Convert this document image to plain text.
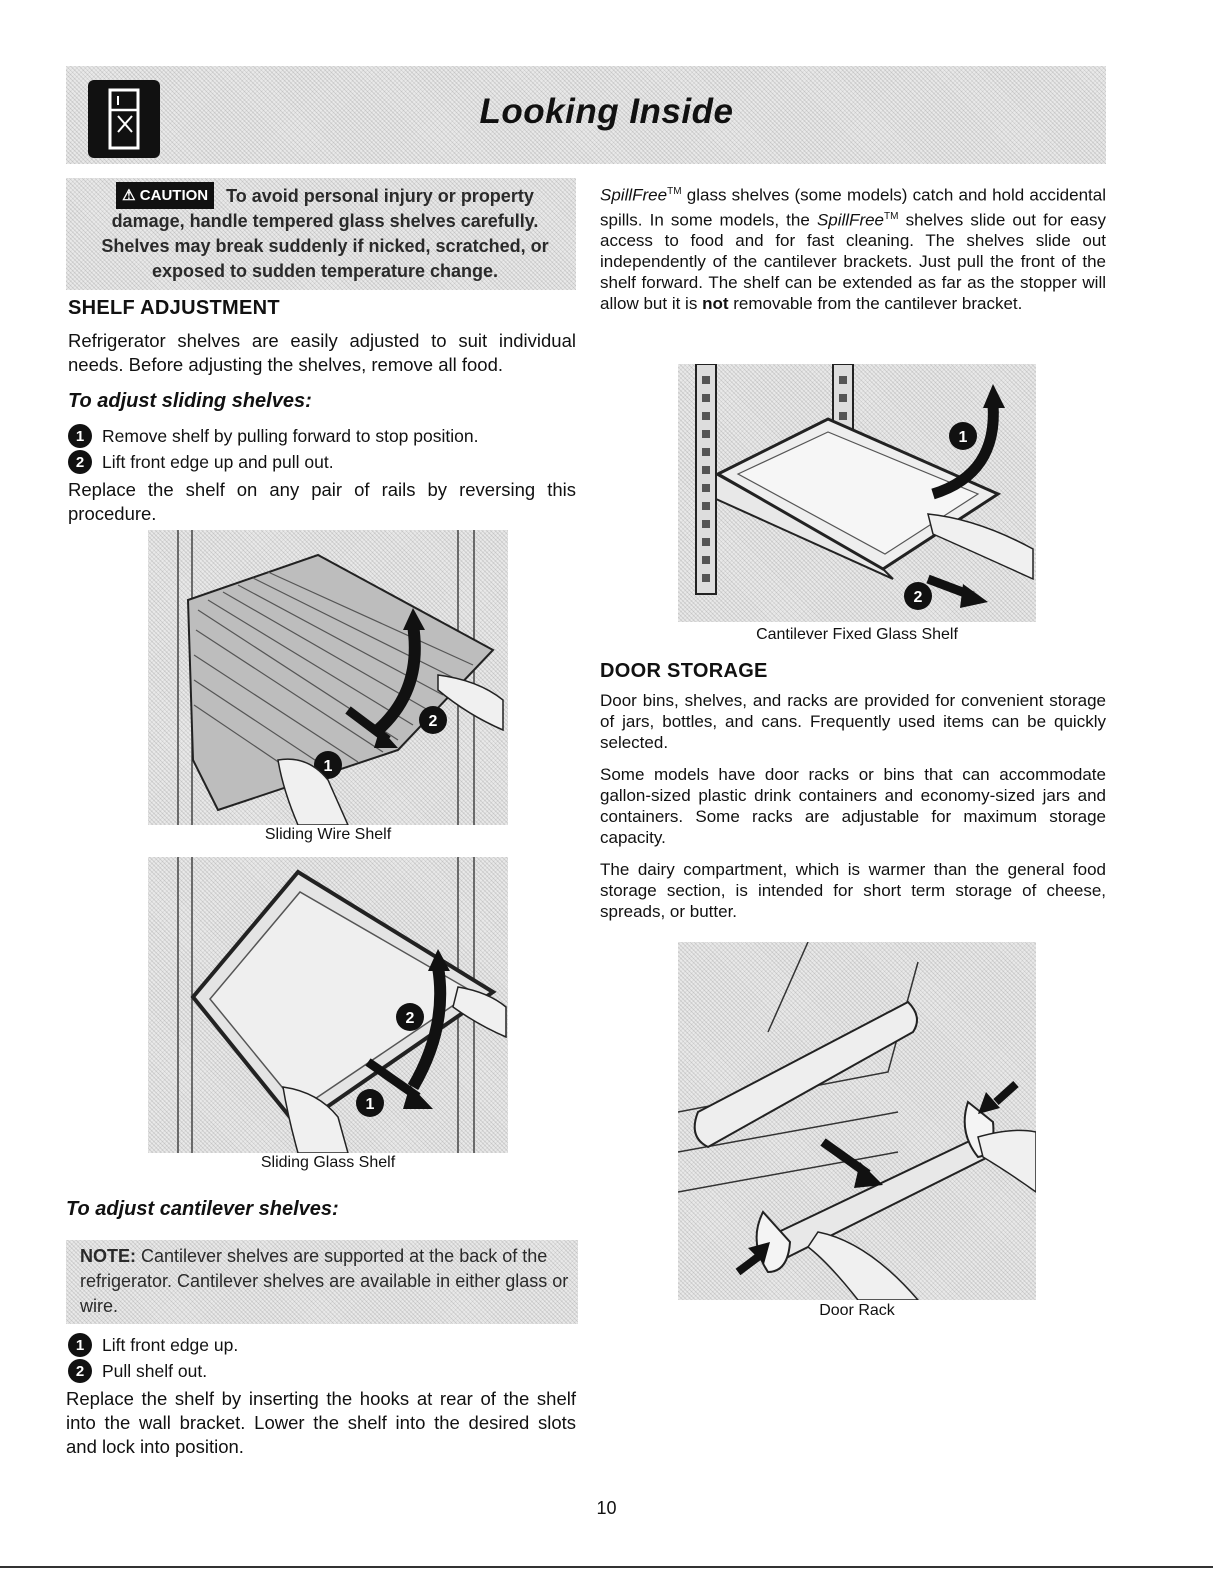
Looking Inside
⚠ CAUTION To avoid personal injury or property damage, handle tempered glass shelves carefully. Shelves may break suddenly if nicked, scratched, or exposed to sudden temperature change.
SHELF ADJUSTMENT
Refrigerator shelves are easily adjusted to suit individual needs. Before adjusting the shelves, remove all food.
To adjust sliding shelves:
1	Remove shelf by pulling forward to stop position.
2	Lift front edge up and pull out.
Replace the shelf on any pair of rails by reversing this procedure.
2
1
Sliding Wire Shelf
2
1
Sliding Glass Shelf
To adjust cantilever shelves:
NOTE: Cantilever shelves are supported at the back of the refrigerator. Cantilever shelves are available in either glass or wire.
1	Lift front edge up.
2	Pull shelf out.
Replace the shelf by inserting the hooks at rear of the shelf into the wall bracket. Lower the shelf into the desired slots and lock into position.
SpillFree™ glass shelves (some models) catch and hold accidental spills. In some models, the SpillFree™ shelves slide out for easy access to food and for fast cleaning. The shelves slide out independently of the cantilever brackets. Just pull the front of the shelf forward. The shelf can be extended as far as the stopper will allow but it is not removable from the cantilever bracket.
1
2
Cantilever Fixed Glass Shelf
DOOR STORAGE
Door bins, shelves, and racks are provided for convenient storage of jars, bottles, and cans. Frequently used items can be quickly selected.
Some models have door racks or bins that can accommodate gallon-sized plastic drink containers and economy-sized jars and containers. Some racks are adjustable for maximum storage capacity.
The dairy compartment, which is warmer than the general food storage section, is intended for short term storage of cheese, spreads, or butter.
Door Rack
10
